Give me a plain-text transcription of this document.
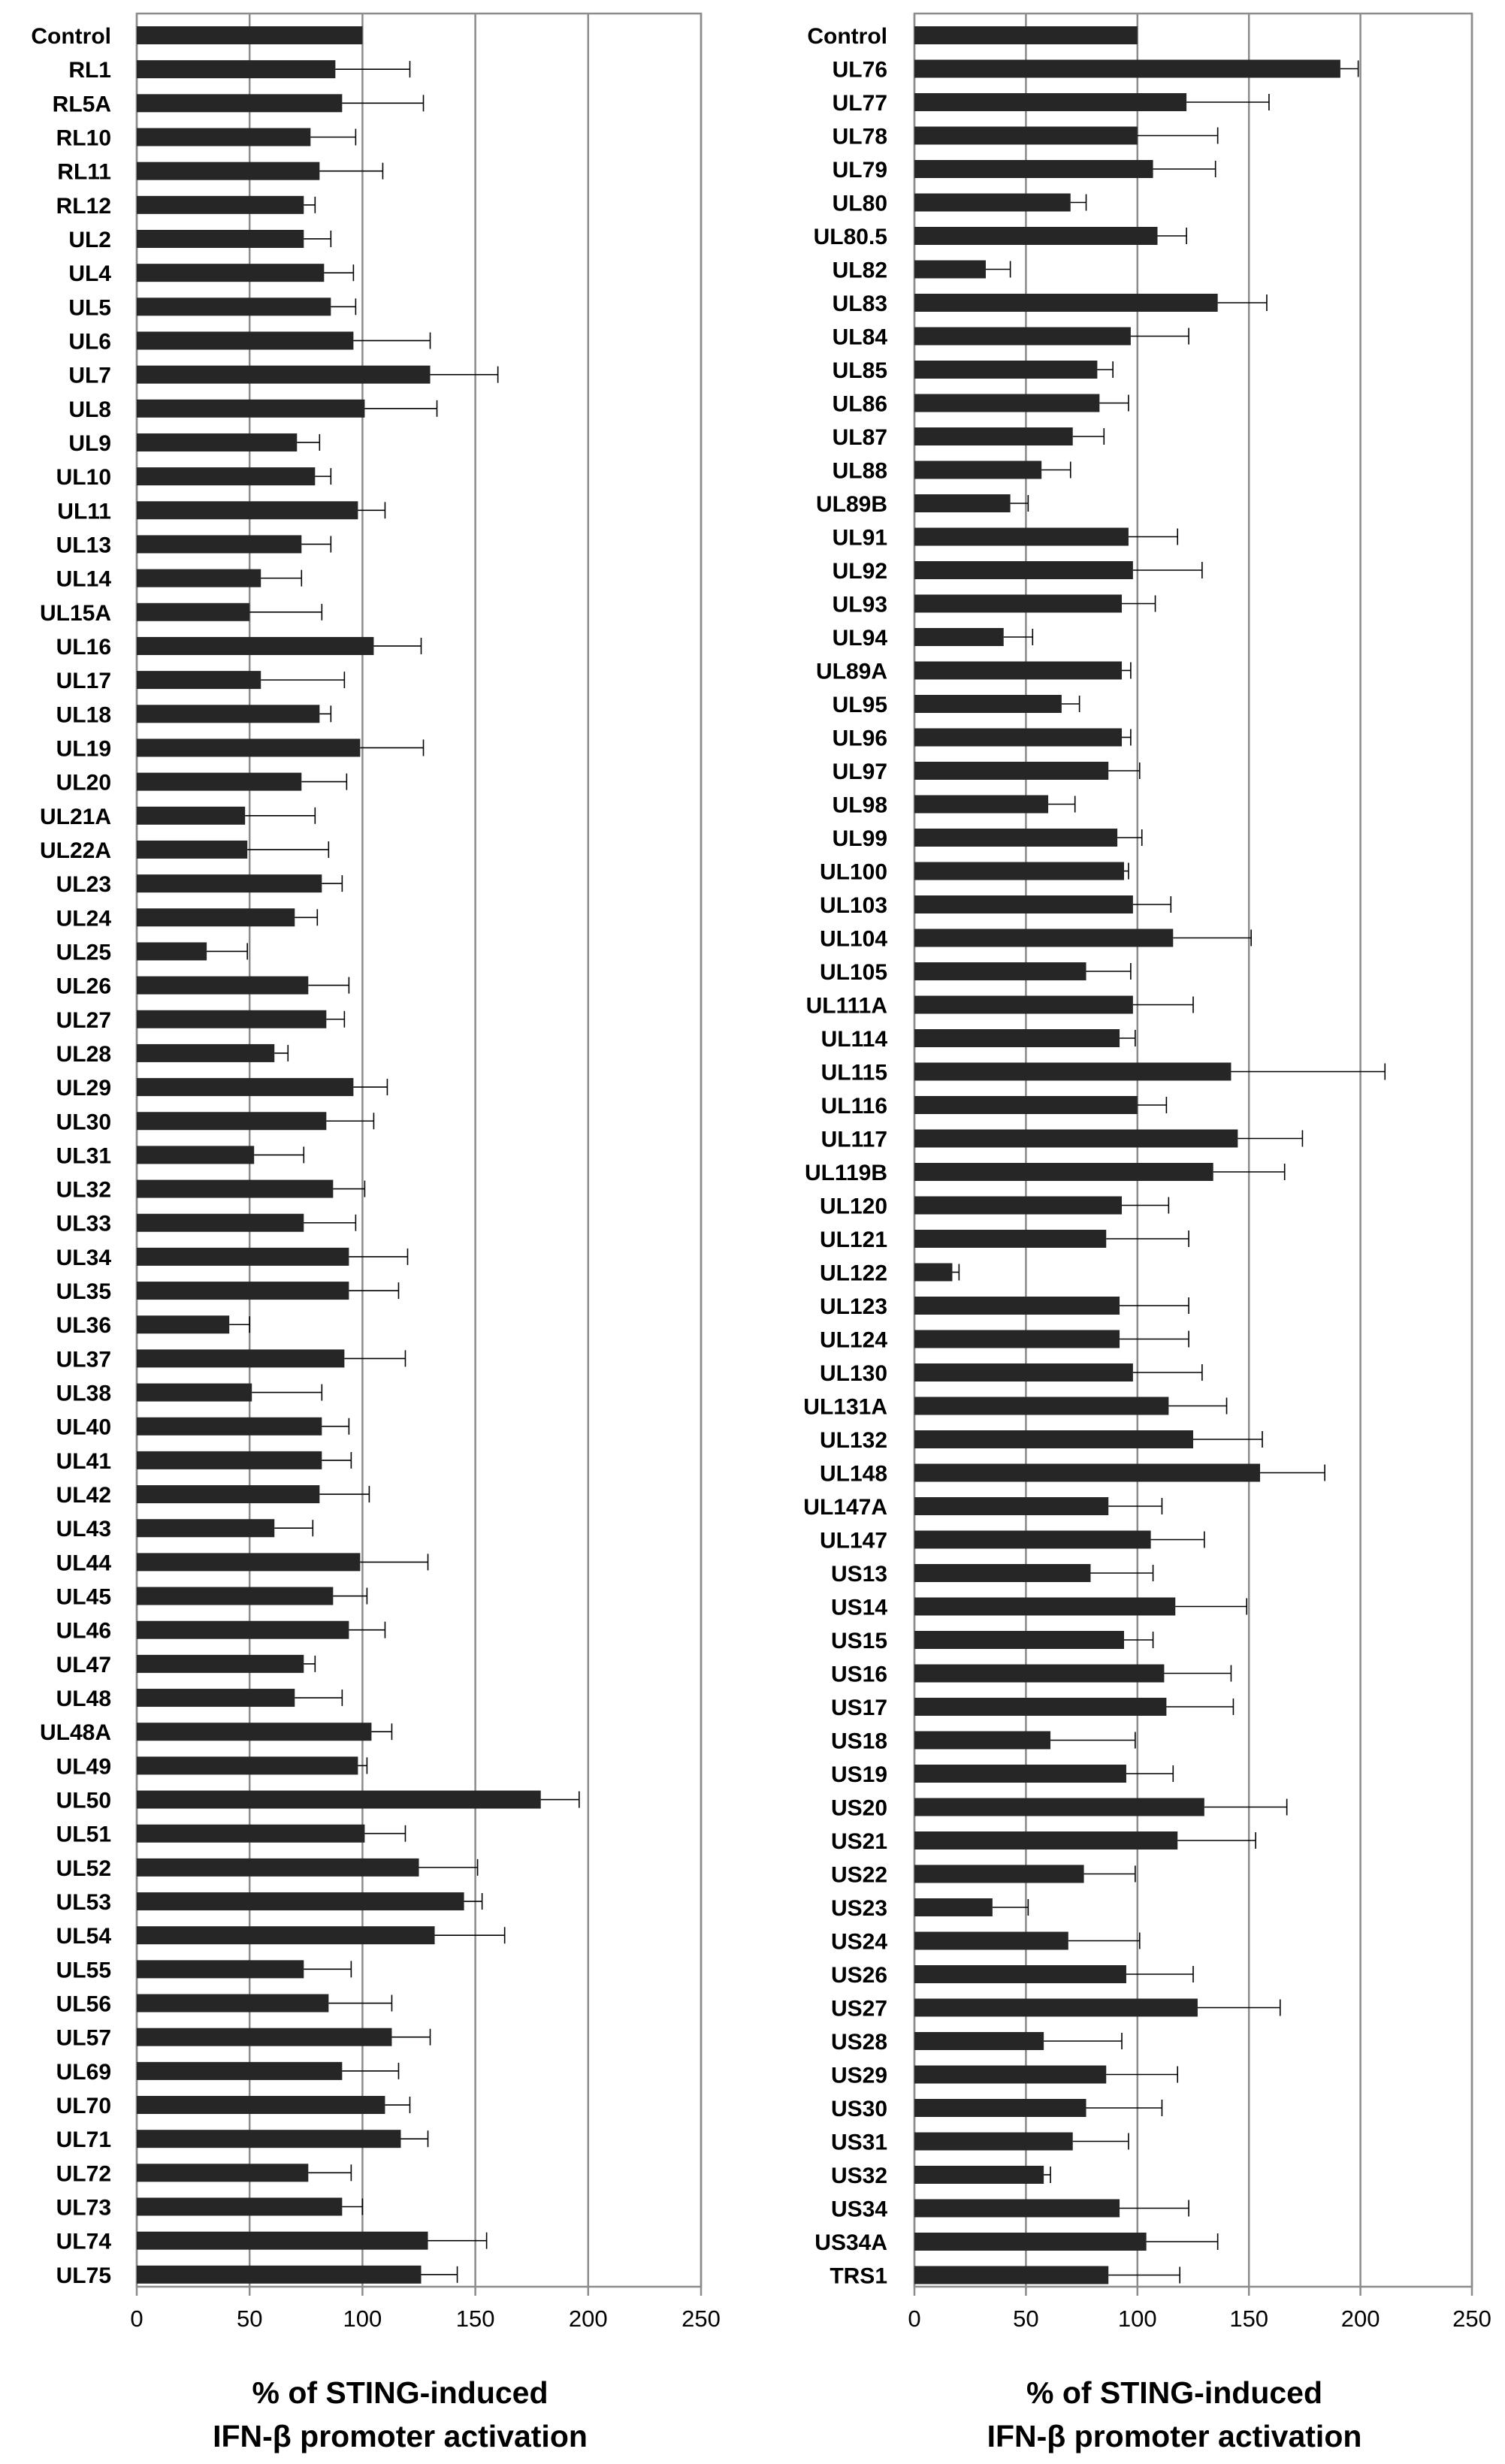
0	50	100	150	200	250
Control
RL1
RL5A
RL10
RL11
RL12
UL2
UL4
UL5
UL6
UL7
UL8
UL9
UL10
UL11
UL13
UL14
UL15A
UL16
UL17
UL18
UL19
UL20
UL21A
UL22A
UL23
UL24
UL25
UL26
UL27
UL28
UL29
UL30
UL31
UL32
UL33
UL34
UL35
UL36
UL37
UL38
UL40
UL41
UL42
UL43
UL44
UL45
UL46
UL47
UL48
UL48A
UL49
UL50
UL51
UL52
UL53
UL54
UL55
UL56
UL57
UL69
UL70
UL71
UL72
UL73
UL74
UL75
% of STING-induced
IFN-β promoter activation
0	50	100	150	200	250
Control
UL76
UL77
UL78
UL79
UL80
UL80.5
UL82
UL83
UL84
UL85
UL86
UL87
UL88
UL89B
UL91
UL92
UL93
UL94
UL89A
UL95
UL96
UL97
UL98
UL99
UL100
UL103
UL104
UL105
UL111A
UL114
UL115
UL116
UL117
UL119B
UL120
UL121
UL122
UL123
UL124
UL130
UL131A
UL132
UL148
UL147A
UL147
US13
US14
US15
US16
US17
US18
US19
US20
US21
US22
US23
US24
US26
US27
US28
US29
US30
US31
US32
US34
US34A
TRS1
% of STING-induced
IFN-β promoter activation
